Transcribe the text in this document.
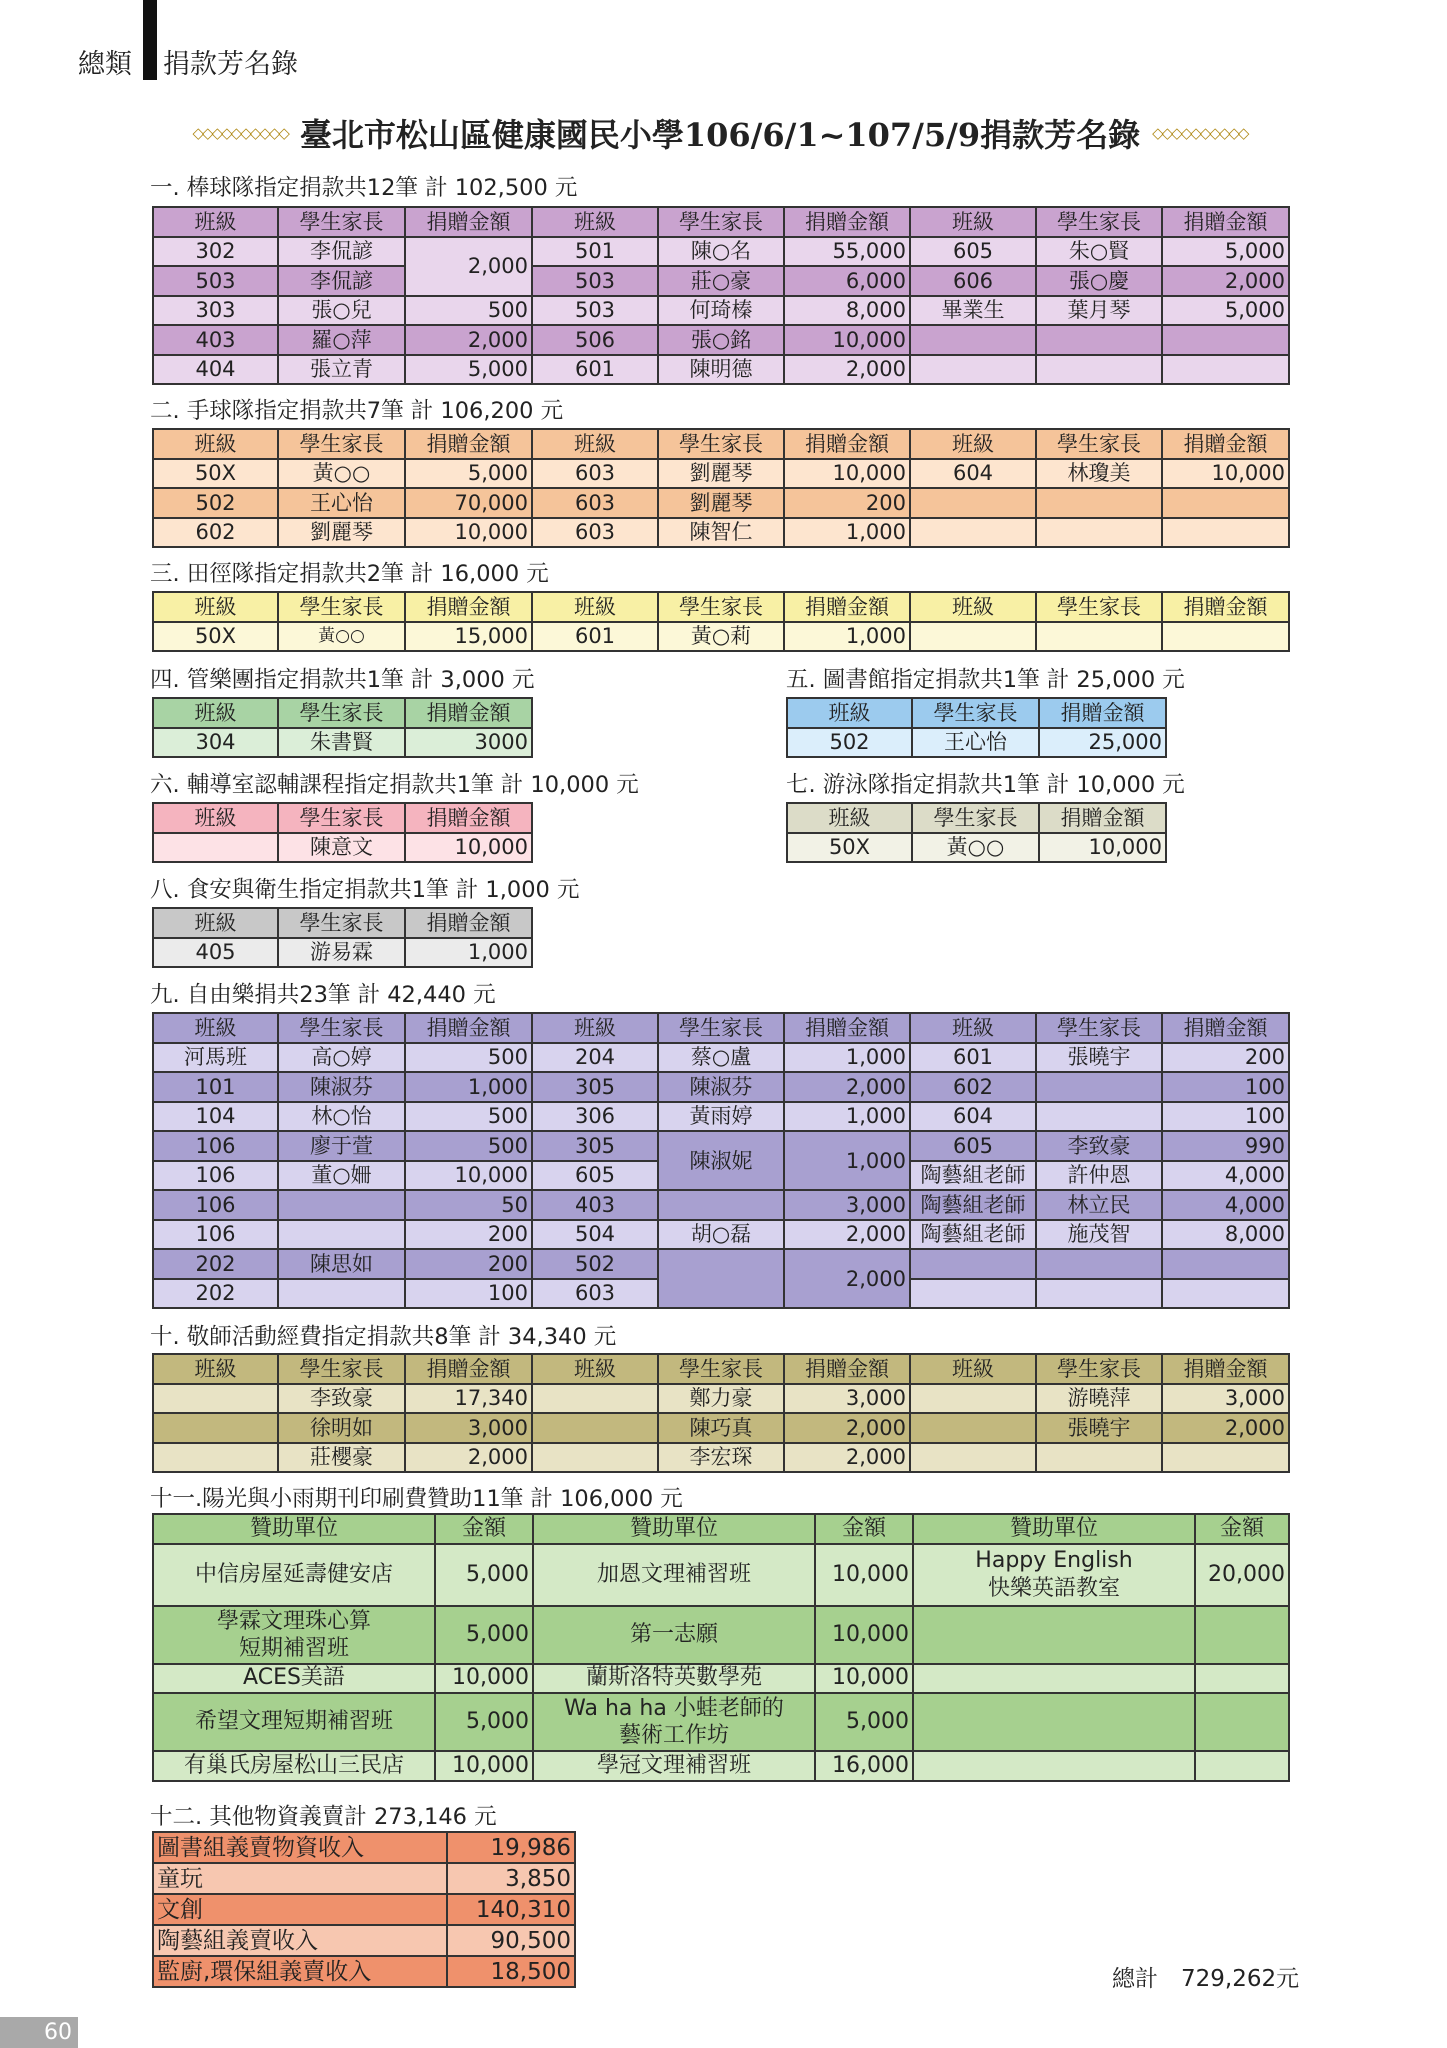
總類 捐款芳名錄
◇◇◇◇◇◇◇◇◇◇ 臺北市松山區健康國民小學106/6/1~107/5/9捐款芳名錄 ◇◇◇◇◇◇◇◇◇◇
一. 棒球隊指定捐款共12筆 計 102,500 元
班級	學生家長	捐贈金額	班級	學生家長	捐贈金額	班級	學生家長	捐贈金額
302	李侃諺	2,000	501	陳○名	55,000	605	朱○賢	5,000
503	李侃諺		503	莊○豪	6,000	606	張○慶	2,000
303	張○兒	500	503	何琦榛	8,000	畢業生	葉月琴	5,000
403	羅○萍	2,000	506	張○銘	10,000			
404	張立青	5,000	601	陳明德	2,000			
二. 手球隊指定捐款共7筆 計 106,200 元
班級	學生家長	捐贈金額	班級	學生家長	捐贈金額	班級	學生家長	捐贈金額
50X	黃○○	5,000	603	劉麗琴	10,000	604	林瓊美	10,000
502	王心怡	70,000	603	劉麗琴	200			
602	劉麗琴	10,000	603	陳智仁	1,000			
三. 田徑隊指定捐款共2筆 計 16,000 元
班級	學生家長	捐贈金額	班級	學生家長	捐贈金額	班級	學生家長	捐贈金額
50X	黃○○	15,000	601	黃○莉	1,000			
四. 管樂團指定捐款共1筆 計 3,000 元
班級	學生家長	捐贈金額
304	朱書賢	3000
五. 圖書館指定捐款共1筆 計 25,000 元
班級	學生家長	捐贈金額
502	王心怡	25,000
六. 輔導室認輔課程指定捐款共1筆 計 10,000 元
班級	學生家長	捐贈金額
	陳意文	10,000
七. 游泳隊指定捐款共1筆 計 10,000 元
班級	學生家長	捐贈金額
50X	黃○○	10,000
八. 食安與衛生指定捐款共1筆 計 1,000 元
班級	學生家長	捐贈金額
405	游易霖	1,000
九. 自由樂捐共23筆 計 42,440 元
班級	學生家長	捐贈金額	班級	學生家長	捐贈金額	班級	學生家長	捐贈金額
河馬班	高○婷	500	204	蔡○盧	1,000	601	張曉宇	200
101	陳淑芬	1,000	305	陳淑芬	2,000	602		100
104	林○怡	500	306	黃雨婷	1,000	604		100
106	廖于萱	500	305	陳淑妮	1,000	605	李致豪	990
106	董○姍	10,000	605			陶藝組老師	許仲恩	4,000
106		50	403		3,000	陶藝組老師	林立民	4,000
106		200	504	胡○磊	2,000	陶藝組老師	施茂智	8,000
202	陳思如	200	502		2,000			
202		100	603					
十. 敬師活動經費指定捐款共8筆 計 34,340 元
班級	學生家長	捐贈金額	班級	學生家長	捐贈金額	班級	學生家長	捐贈金額
	李致豪	17,340		鄭力豪	3,000		游曉萍	3,000
	徐明如	3,000		陳巧真	2,000		張曉宇	2,000
	莊櫻豪	2,000		李宏琛	2,000			
十一.陽光與小雨期刊印刷費贊助11筆 計 106,000 元
贊助單位	金額	贊助單位	金額	贊助單位	金額
中信房屋延壽健安店	5,000	加恩文理補習班	10,000	Happy English
快樂英語教室	20,000

學霖文理珠心算
短期補習班	5,000	第一志願	10,000		
ACES美語	10,000	蘭斯洛特英數學苑	10,000		
希望文理短期補習班	5,000	Wa ha ha 小蛙老師的
藝術工作坊	5,000		
有巢氏房屋松山三民店	10,000	學冠文理補習班	16,000		
十二. 其他物資義賣計 273,146 元
圖書組義賣物資收入	19,986
童玩	3,850
文創	140,310
陶藝組義賣收入	90,500
監廚,環保組義賣收入	18,500	總計　729,262元
60
